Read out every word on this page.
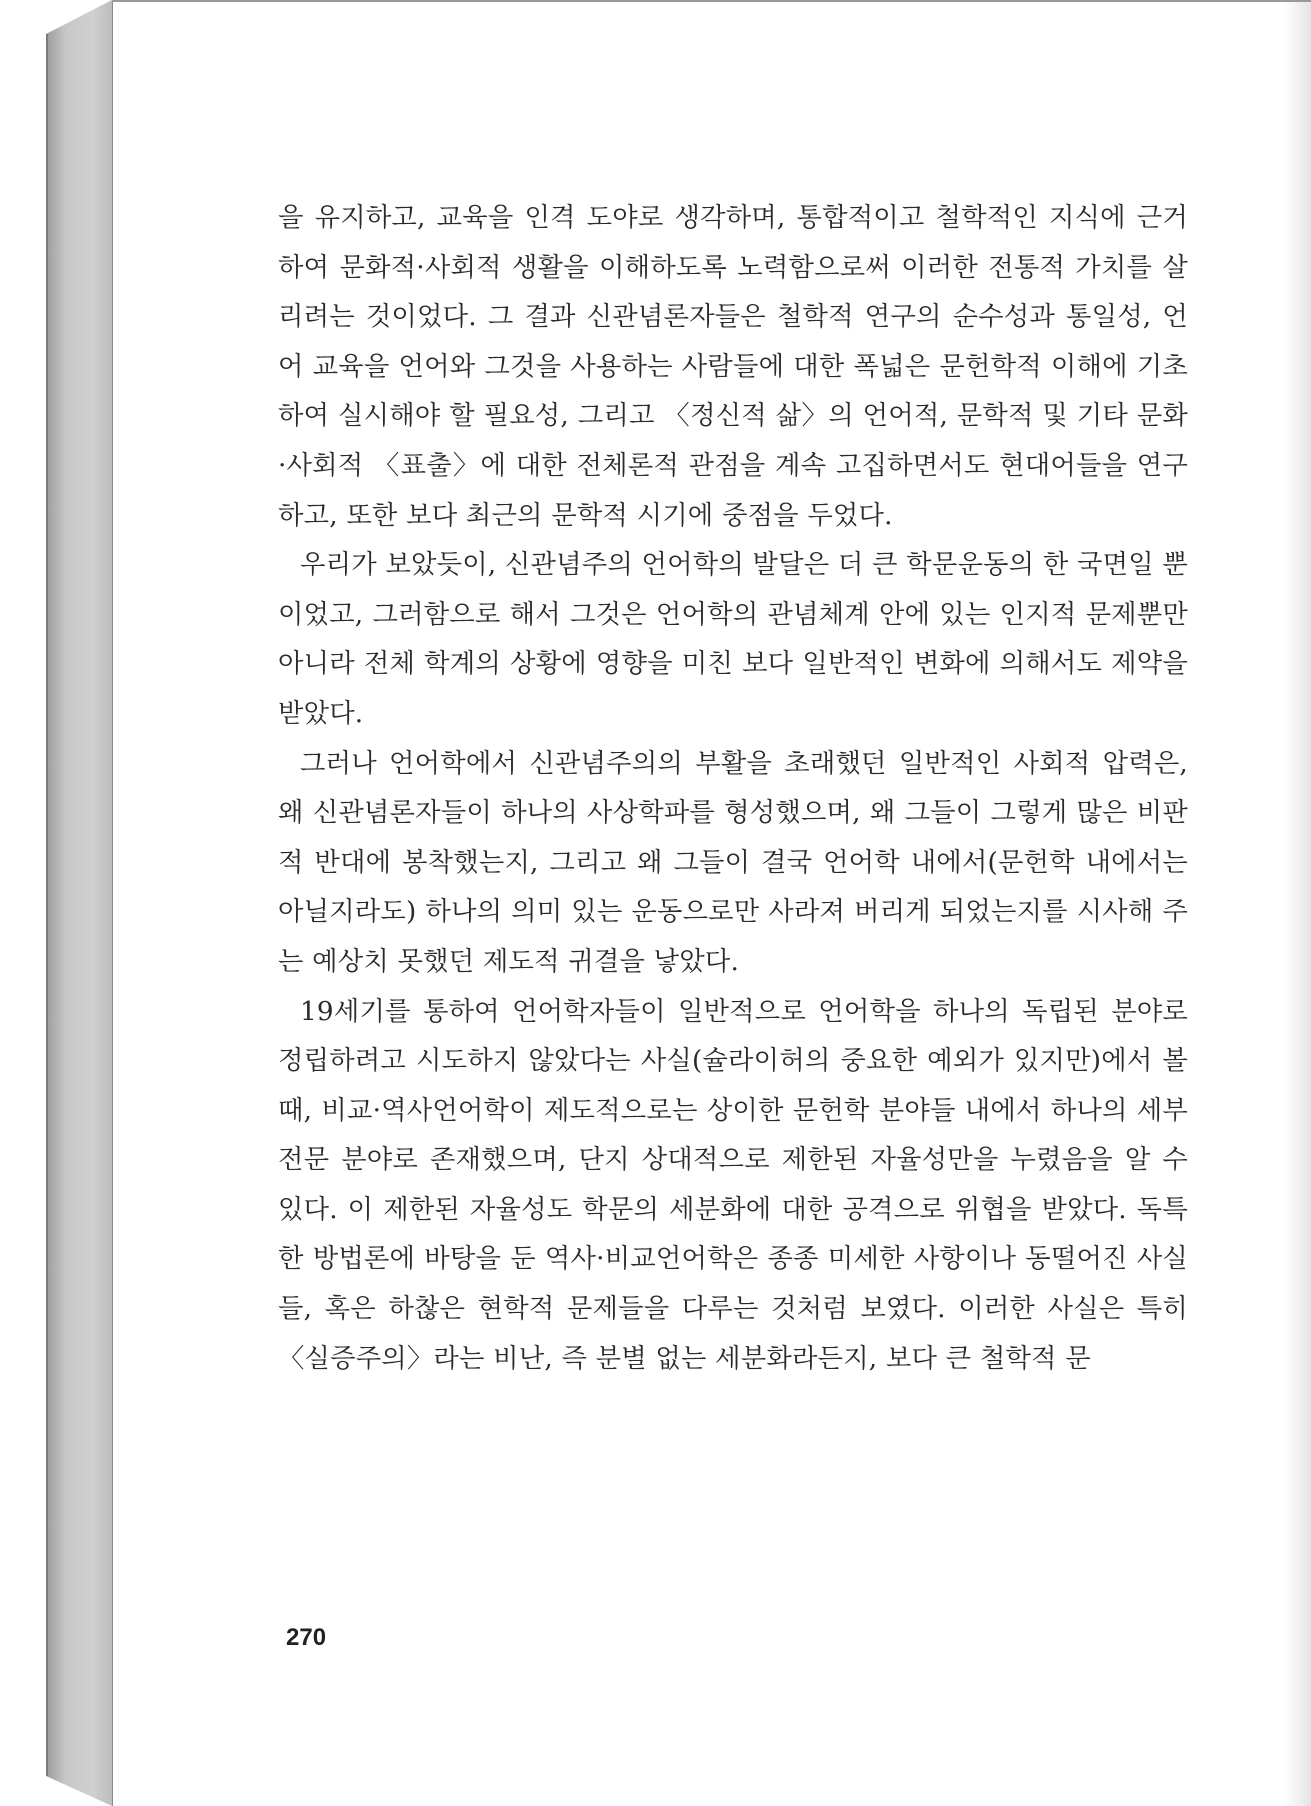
을 유지하고, 교육을 인격 도야로 생각하며, 통합적이고 철학적인 지식에 근거하여 문화적·사회적 생활을 이해하도록 노력함으로써 이러한 전통적 가치를 살리려는 것이었다. 그 결과 신관념론자들은 철학적 연구의 순수성과 통일성, 언어 교육을 언어와 그것을 사용하는 사람들에 대한 폭넓은 문헌학적 이해에 기초하여 실시해야 할 필요성, 그리고 〈정신적 삶〉의 언어적, 문학적 및 기타 문화·사회적 〈표출〉에 대한 전체론적 관점을 계속 고집하면서도 현대어들을 연구하고, 또한 보다 최근의 문학적 시기에 중점을 두었다.

우리가 보았듯이, 신관념주의 언어학의 발달은 더 큰 학문운동의 한 국면일 뿐이었고, 그러함으로 해서 그것은 언어학의 관념체계 안에 있는 인지적 문제뿐만 아니라 전체 학계의 상황에 영향을 미친 보다 일반적인 변화에 의해서도 제약을 받았다.

그러나 언어학에서 신관념주의의 부활을 초래했던 일반적인 사회적 압력은, 왜 신관념론자들이 하나의 사상학파를 형성했으며, 왜 그들이 그렇게 많은 비판적 반대에 봉착했는지, 그리고 왜 그들이 결국 언어학 내에서(문헌학 내에서는 아닐지라도) 하나의 의미 있는 운동으로만 사라져 버리게 되었는지를 시사해 주는 예상치 못했던 제도적 귀결을 낳았다.

19세기를 통하여 언어학자들이 일반적으로 언어학을 하나의 독립된 분야로 정립하려고 시도하지 않았다는 사실(슐라이허의 중요한 예외가 있지만)에서 볼 때, 비교·역사언어학이 제도적으로는 상이한 문헌학 분야들 내에서 하나의 세부 전문 분야로 존재했으며, 단지 상대적으로 제한된 자율성만을 누렸음을 알 수 있다. 이 제한된 자율성도 학문의 세분화에 대한 공격으로 위협을 받았다. 독특한 방법론에 바탕을 둔 역사·비교언어학은 종종 미세한 사항이나 동떨어진 사실들, 혹은 하찮은 현학적 문제들을 다루는 것처럼 보였다. 이러한 사실은 특히 〈실증주의〉라는 비난, 즉 분별 없는 세분화라든지, 보다 큰 철학적 문

270
